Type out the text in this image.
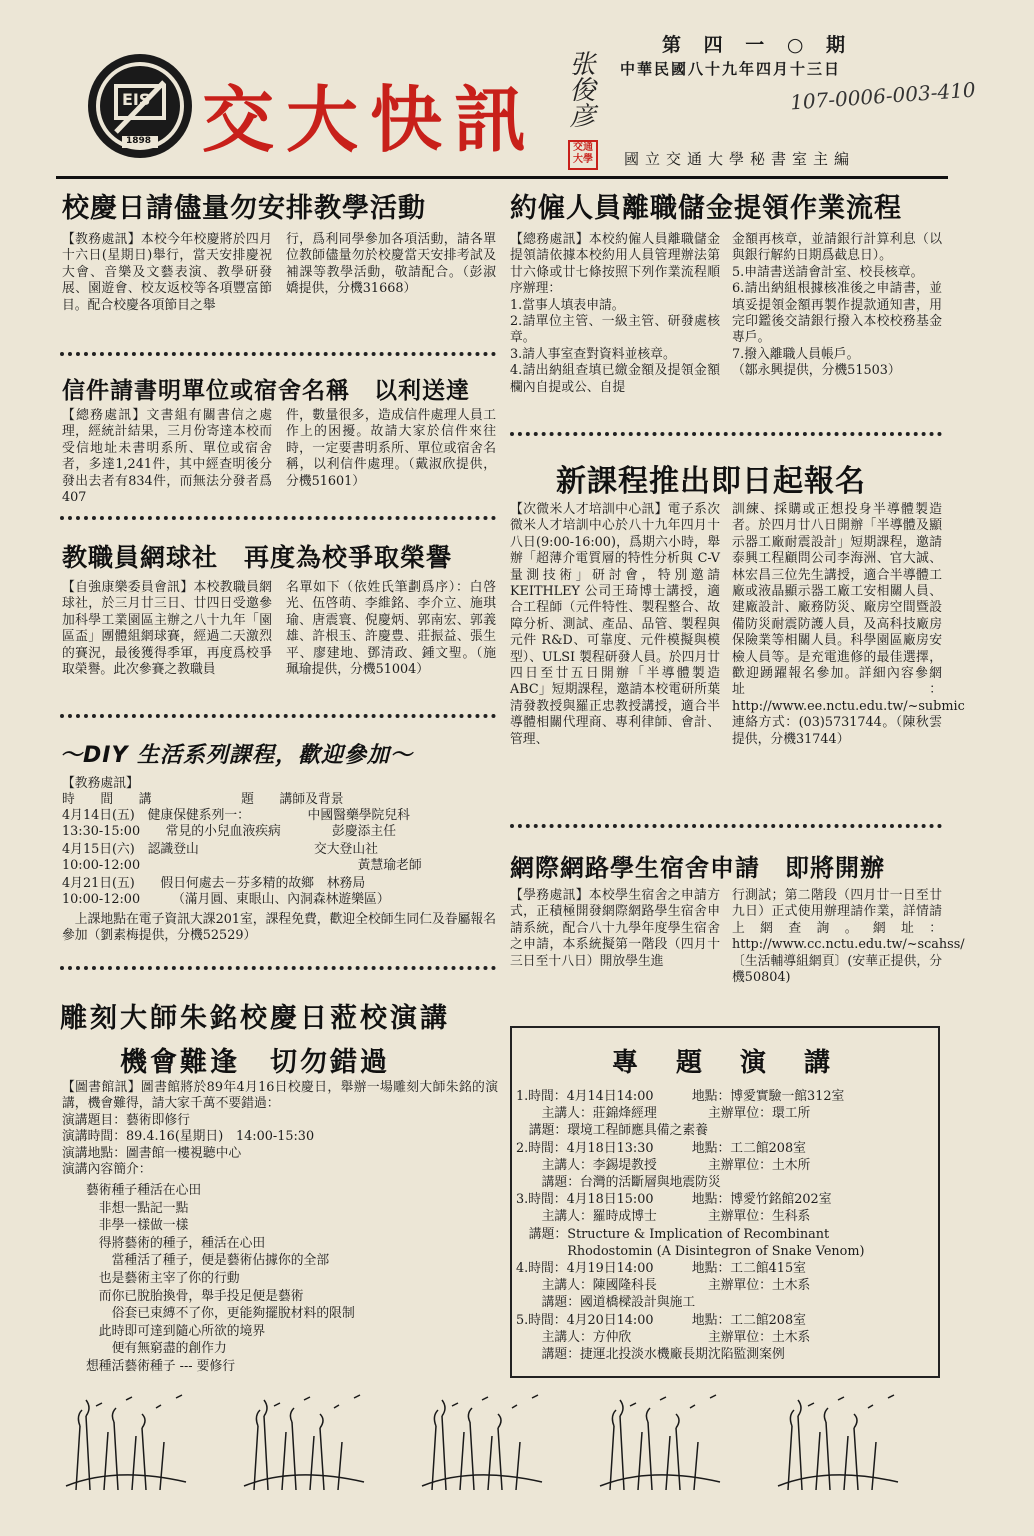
EIS
1898 交大快訊 张俊彦
交通大學
第 四 一 ○ 期
中華民國八十九年四月十三日
107-0006-003-410
國立交通大學秘書室主編
校慶日請儘量勿安排教學活動
【教務處訊】本校今年校慶將於四月十六日(星期日)舉行，當天安排慶祝大會、音樂及文藝表演、教學研發展、園遊會、校友返校等各項豐富節目。配合校慶各項節目之舉
行，爲利同學參加各項活動，請各單位教師儘量勿於校慶當天安排考試及補課等教學活動，敬請配合。（彭淑嬌提供，分機31668）
約僱人員離職儲金提領作業流程
【總務處訊】本校約僱人員離職儲金提領請依據本校約用人員管理辦法第廿六條或廿七條按照下列作業流程順序辦理：
1.當事人填表申請。
2.請單位主管、一級主管、研發處核章。
3.請人事室查對資料並核章。
4.請出納組查填已繳金額及提領金額欄內自提或公、自提
金額再核章，並請銀行計算利息（以與銀行解約日期爲截息日）。
5.申請書送請會計室、校長核章。
6.請出納組根據核准後之申請書，並填妥提領金額再製作提款通知書，用完印鑑後交請銀行撥入本校校務基金專戶。
7.撥入離職人員帳戶。
（鄒永興提供，分機51503）
信件請書明單位或宿舍名稱　以利送達
【總務處訊】文書組有關書信之處理，經統計結果，三月份寄達本校而受信地址未書明系所、單位或宿舍者，多達1,241件，其中經查明後分發出去者有834件，而無法分發者爲407
件，數量很多，造成信件處理人員工作上的困擾。故請大家於信件來往時，一定要書明系所、單位或宿舍名稱，以利信件處理。（戴淑欣提供，分機51601）	新課程推出即日起報名
【次微米人才培訓中心訊】電子系次微米人才培訓中心於八十九年四月十八日(9:00-16:00)，爲期六小時，舉辦「超薄介電質層的特性分析與 C-V 量測技術」研討會，特別邀請KEITHLEY 公司王琦博士講授，適合工程師（元件特性、製程整合、故障分析、測試、產品、品管、製程與元件 R&D、可靠度、元件模擬與模型）、ULSI 製程研發人員。於四月廿四日至廿五日開辦「半導體製造ABC」短期課程，邀請本校電研所葉清發教授與羅正忠教授講授，適合半導體相關代理商、專利律師、會計、管理、
訓練、採購或正想投身半導體製造者。於四月廿八日開辦「半導體及顯示器工廠耐震設計」短期課程，邀請泰興工程顧問公司李海洲、官大誠、林宏昌三位先生講授，適合半導體工廠或液晶顯示器工廠工安相關人員、建廠設計、廠務防災、廠房空間暨設備防災耐震防護人員，及高科技廠房保險業等相關人員。科學園區廠房安檢人員等。是充電進修的最佳選擇，歡迎踴躍報名參加。詳細內容參網址：http://www.ee.nctu.edu.tw/~submic 連絡方式：(03)5731744。（陳秋雲提供，分機31744）
教職員網球社　再度為校爭取榮譽
【自強康樂委員會訊】本校教職員網球社，於三月廿三日、廿四日受邀參加科學工業園區主辦之八十九年「園區盃」團體組網球賽，經過二天激烈的賽況，最後獲得季軍，再度爲校爭取榮譽。此次參賽之教職員
名單如下（依姓氏筆劃爲序）：白啓光、伍啓萌、李維銘、李介立、施琪瑜、唐震寰、倪慶炳、郭南宏、郭義雄、許根玉、許慶豊、莊振益、張生平、廖建地、鄧清政、鍾文聖。（施珮瑜提供，分機51004）
～DIY 生活系列課程，歡迎參加～
【教務處訊】
時　　間　　講　　　　　　　題　　講師及背景
4月14日(五)　健康保健系列一：　　　　　中國醫藥學院兒科
13:30-15:00　　常見的小兒血液疾病　　　　彭慶添主任
4月15日(六)　認識登山　　　　　　　　　交大登山社
10:00-12:00　　　　　　　　　　　　　　　　　黃慧瑜老師
4月21日(五)　　假日何處去－芬多精的故鄉　林務局
10:00-12:00　　　（滿月圓、東眼山、內洞森林遊樂區）
　上課地點在電子資訊大課201室，課程免費，歡迎全校師生同仁及眷屬報名參加（劉素梅提供，分機52529）
網際網路學生宿舍申請　即將開辦
【學務處訊】本校學生宿舍之申請方式，正積極開發網際網路學生宿舍申請系統，配合八十九學年度學生宿舍之申請，本系統擬第一階段（四月十三日至十八日）開放學生進
行測試；第二階段（四月廿一日至廿九日）正式使用辦理請作業，詳情請上網查詢。網址：http://www.cc.nctu.edu.tw/~scahss/ 〔生活輔導組網頁〕(安華正提供，分機50804)
雕刻大師朱銘校慶日蒞校演講
機會難逢　切勿錯過
【圖書館訊】圖書館將於89年4月16日校慶日，舉辦一場雕刻大師朱銘的演講，機會難得，請大家千萬不要錯過：
演講題目：藝術即修行
演講時間：89.4.16(星期日)　14:00-15:30
演講地點：圖書館一樓視聽中心
演講內容簡介：
藝術種子種活在心田
　非想一點記一點
　非學一樣做一樣
　得將藝術的種子，種活在心田
　　當種活了種子，便是藝術佔據你的全部
　也是藝術主宰了你的行動
　而你已脫胎換骨，舉手投足便是藝術
　　俗套已束縛不了你，更能夠擺脫材料的限制
　此時即可達到隨心所欲的境界
　　便有無窮盡的創作力
想種活藝術種子 --- 要修行
專　題　演　講
1.時間：4月14日14:00　　　地點：博愛實驗一館312室
　　主講人：莊錦烽經理　　　　主辦單位：環工所
　講題：環境工程師應具備之素養
2.時間：4月18日13:30　　　地點：工二館208室
　　主講人：李錫堤教授　　　　主辦單位：土木所
　　講題：台灣的活斷層與地震防災
3.時間：4月18日15:00　　　地點：博愛竹銘館202室
　　主講人：羅時成博士　　　　主辦單位：生科系
　講題：Structure & Implication of Recombinant
　　　　Rhodostomin (A Disintegron of Snake Venom)
4.時間：4月19日14:00　　　地點：工二館415室
　　主講人：陳國隆科長　　　　主辦單位：土木系
　　講題：國道橋樑設計與施工
5.時間：4月20日14:00　　　地點：工二館208室
　　主講人：方仲欣　　　　　　主辦單位：土木系
　　講題：捷運北投淡水機廠長期沈陷監測案例
